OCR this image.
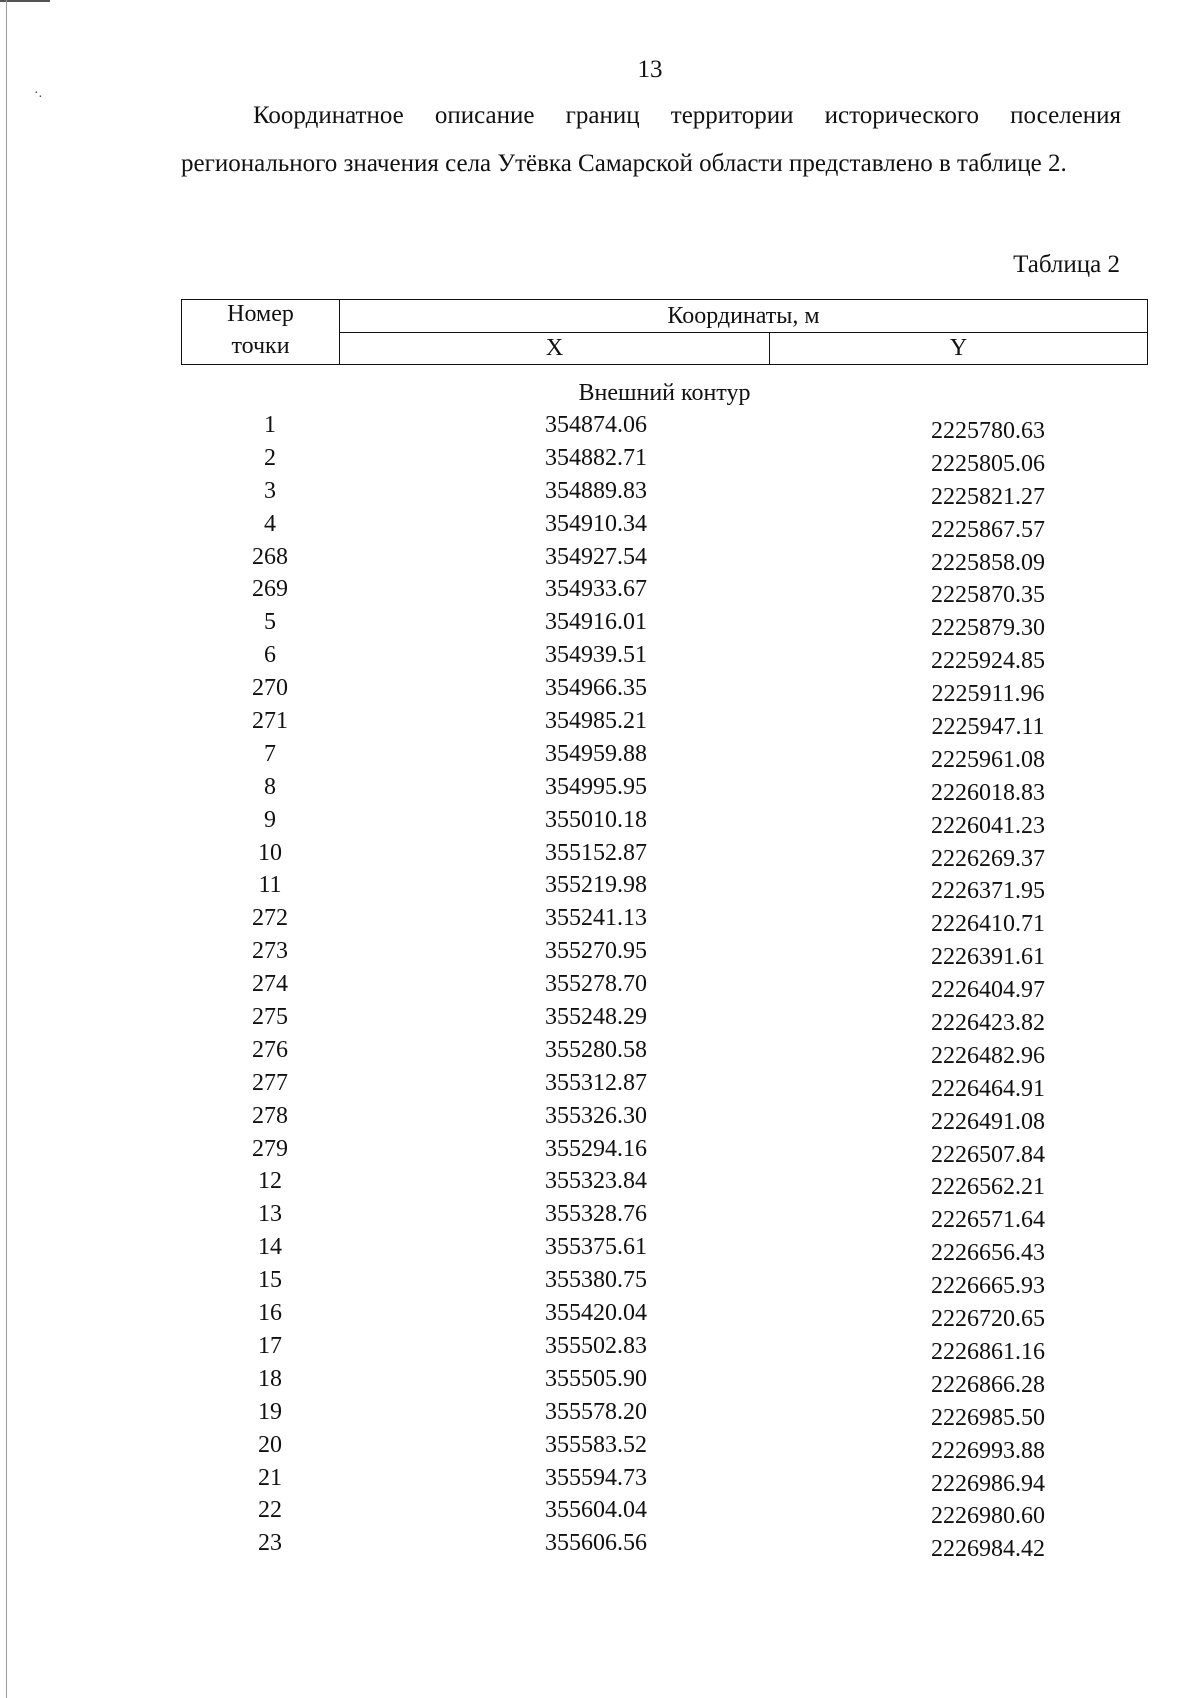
·.
13

Координатное описание границ территории исторического поселения регионального значения села Утёвка Самарской области представлено в таблице 2.

Таблица 2
Номер
точки
Координаты, м
X	Y
Внешний контур
1	354874.06	2225780.63
2	354882.71	2225805.06
3	354889.83	2225821.27
4	354910.34	2225867.57
268	354927.54	2225858.09
269	354933.67	2225870.35
5	354916.01	2225879.30
6	354939.51	2225924.85
270	354966.35	2225911.96
271	354985.21	2225947.11
7	354959.88	2225961.08
8	354995.95	2226018.83
9	355010.18	2226041.23
10	355152.87	2226269.37
11	355219.98	2226371.95
272	355241.13	2226410.71
273	355270.95	2226391.61
274	355278.70	2226404.97
275	355248.29	2226423.82
276	355280.58	2226482.96
277	355312.87	2226464.91
278	355326.30	2226491.08
279	355294.16	2226507.84
12	355323.84	2226562.21
13	355328.76	2226571.64
14	355375.61	2226656.43
15	355380.75	2226665.93
16	355420.04	2226720.65
17	355502.83	2226861.16
18	355505.90	2226866.28
19	355578.20	2226985.50
20	355583.52	2226993.88
21	355594.73	2226986.94
22	355604.04	2226980.60
23	355606.56	2226984.42
